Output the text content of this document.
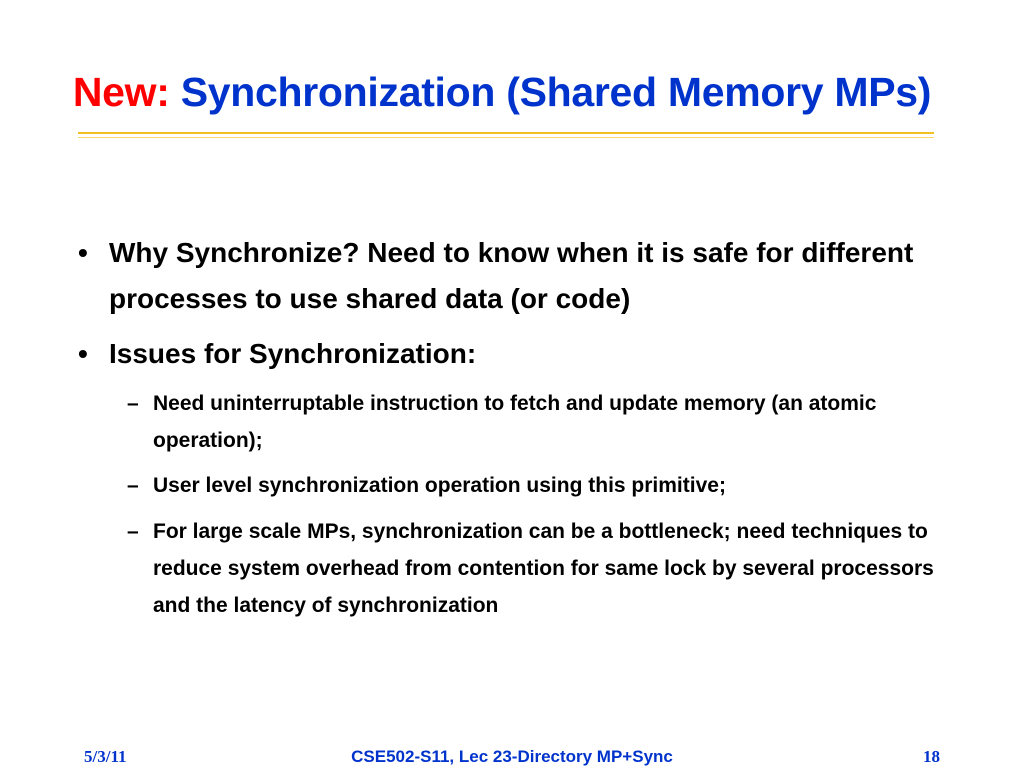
New: Synchronization (Shared Memory MPs)
• Why Synchronize? Need to know when it is safe for different processes to use shared data (or code)
• Issues for Synchronization:
– Need uninterruptable instruction to fetch and update memory (an atomic operation);
– User level synchronization operation using this primitive;
– For large scale MPs, synchronization can be a bottleneck; need techniques to reduce system overhead from contention for same lock by several processors and the latency of synchronization
5/3/11	CSE502-S11, Lec 23-Directory MP+Sync	18
